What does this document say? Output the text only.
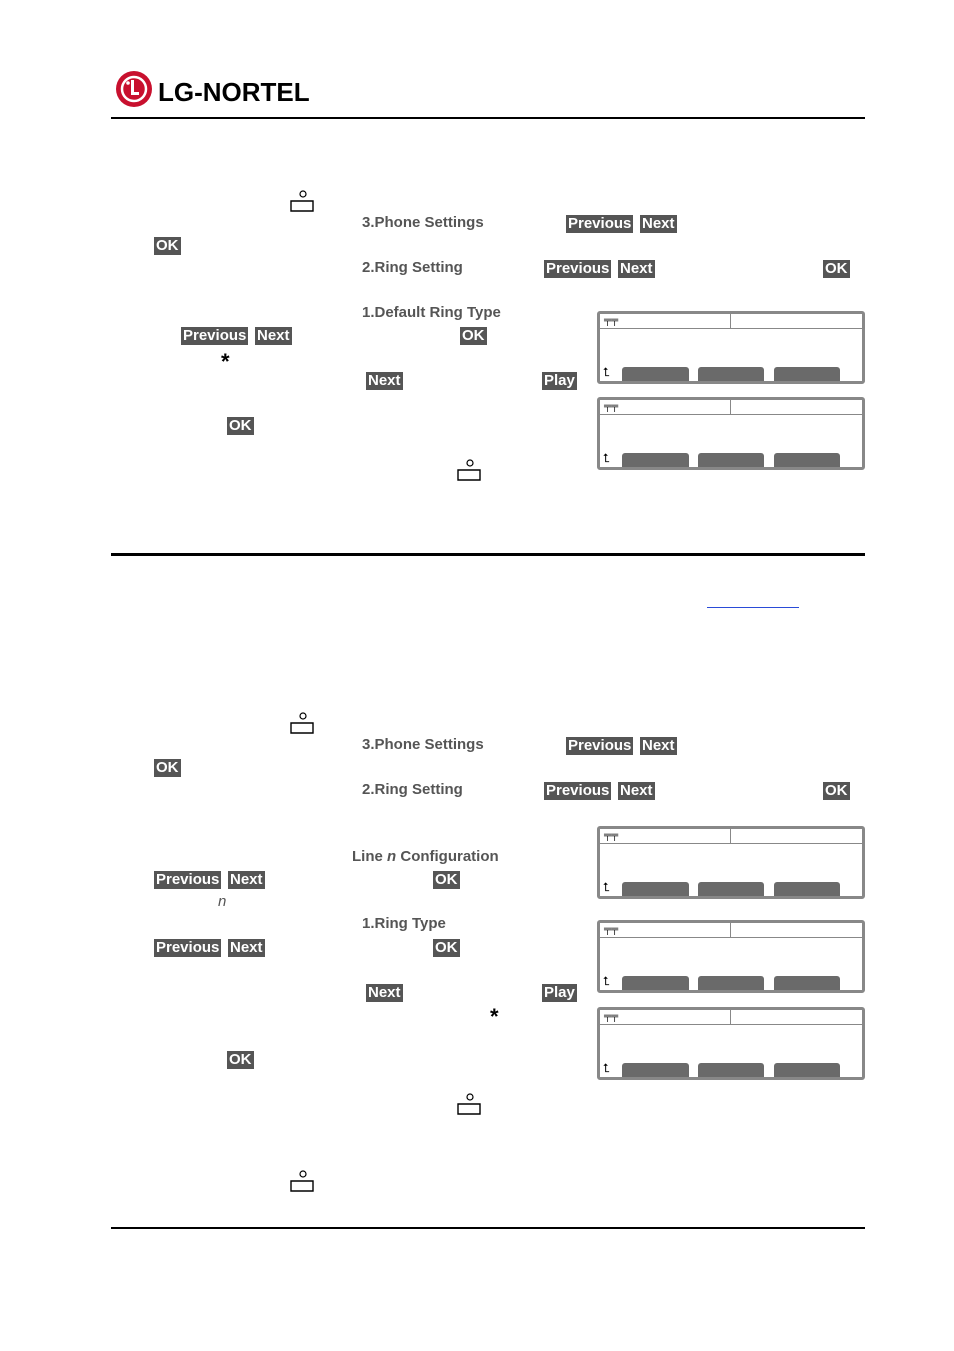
LG-NORTEL
3.Phone Settings	Previous Next
OK
2.Ring Setting	Previous Next	OK
1.Default Ring Type
Previous Next	OK
*
Next	Play
OK
╤╤
⮤
╤╤
⮤
3.Phone Settings	Previous Next
OK
2.Ring Setting	Previous Next	OK
Line n Configuration
Previous Next	OK
n
1.Ring Type
Previous Next	OK
Next	Play
*
OK
╤╤
⮤
╤╤
⮤
╤╤
⮤
